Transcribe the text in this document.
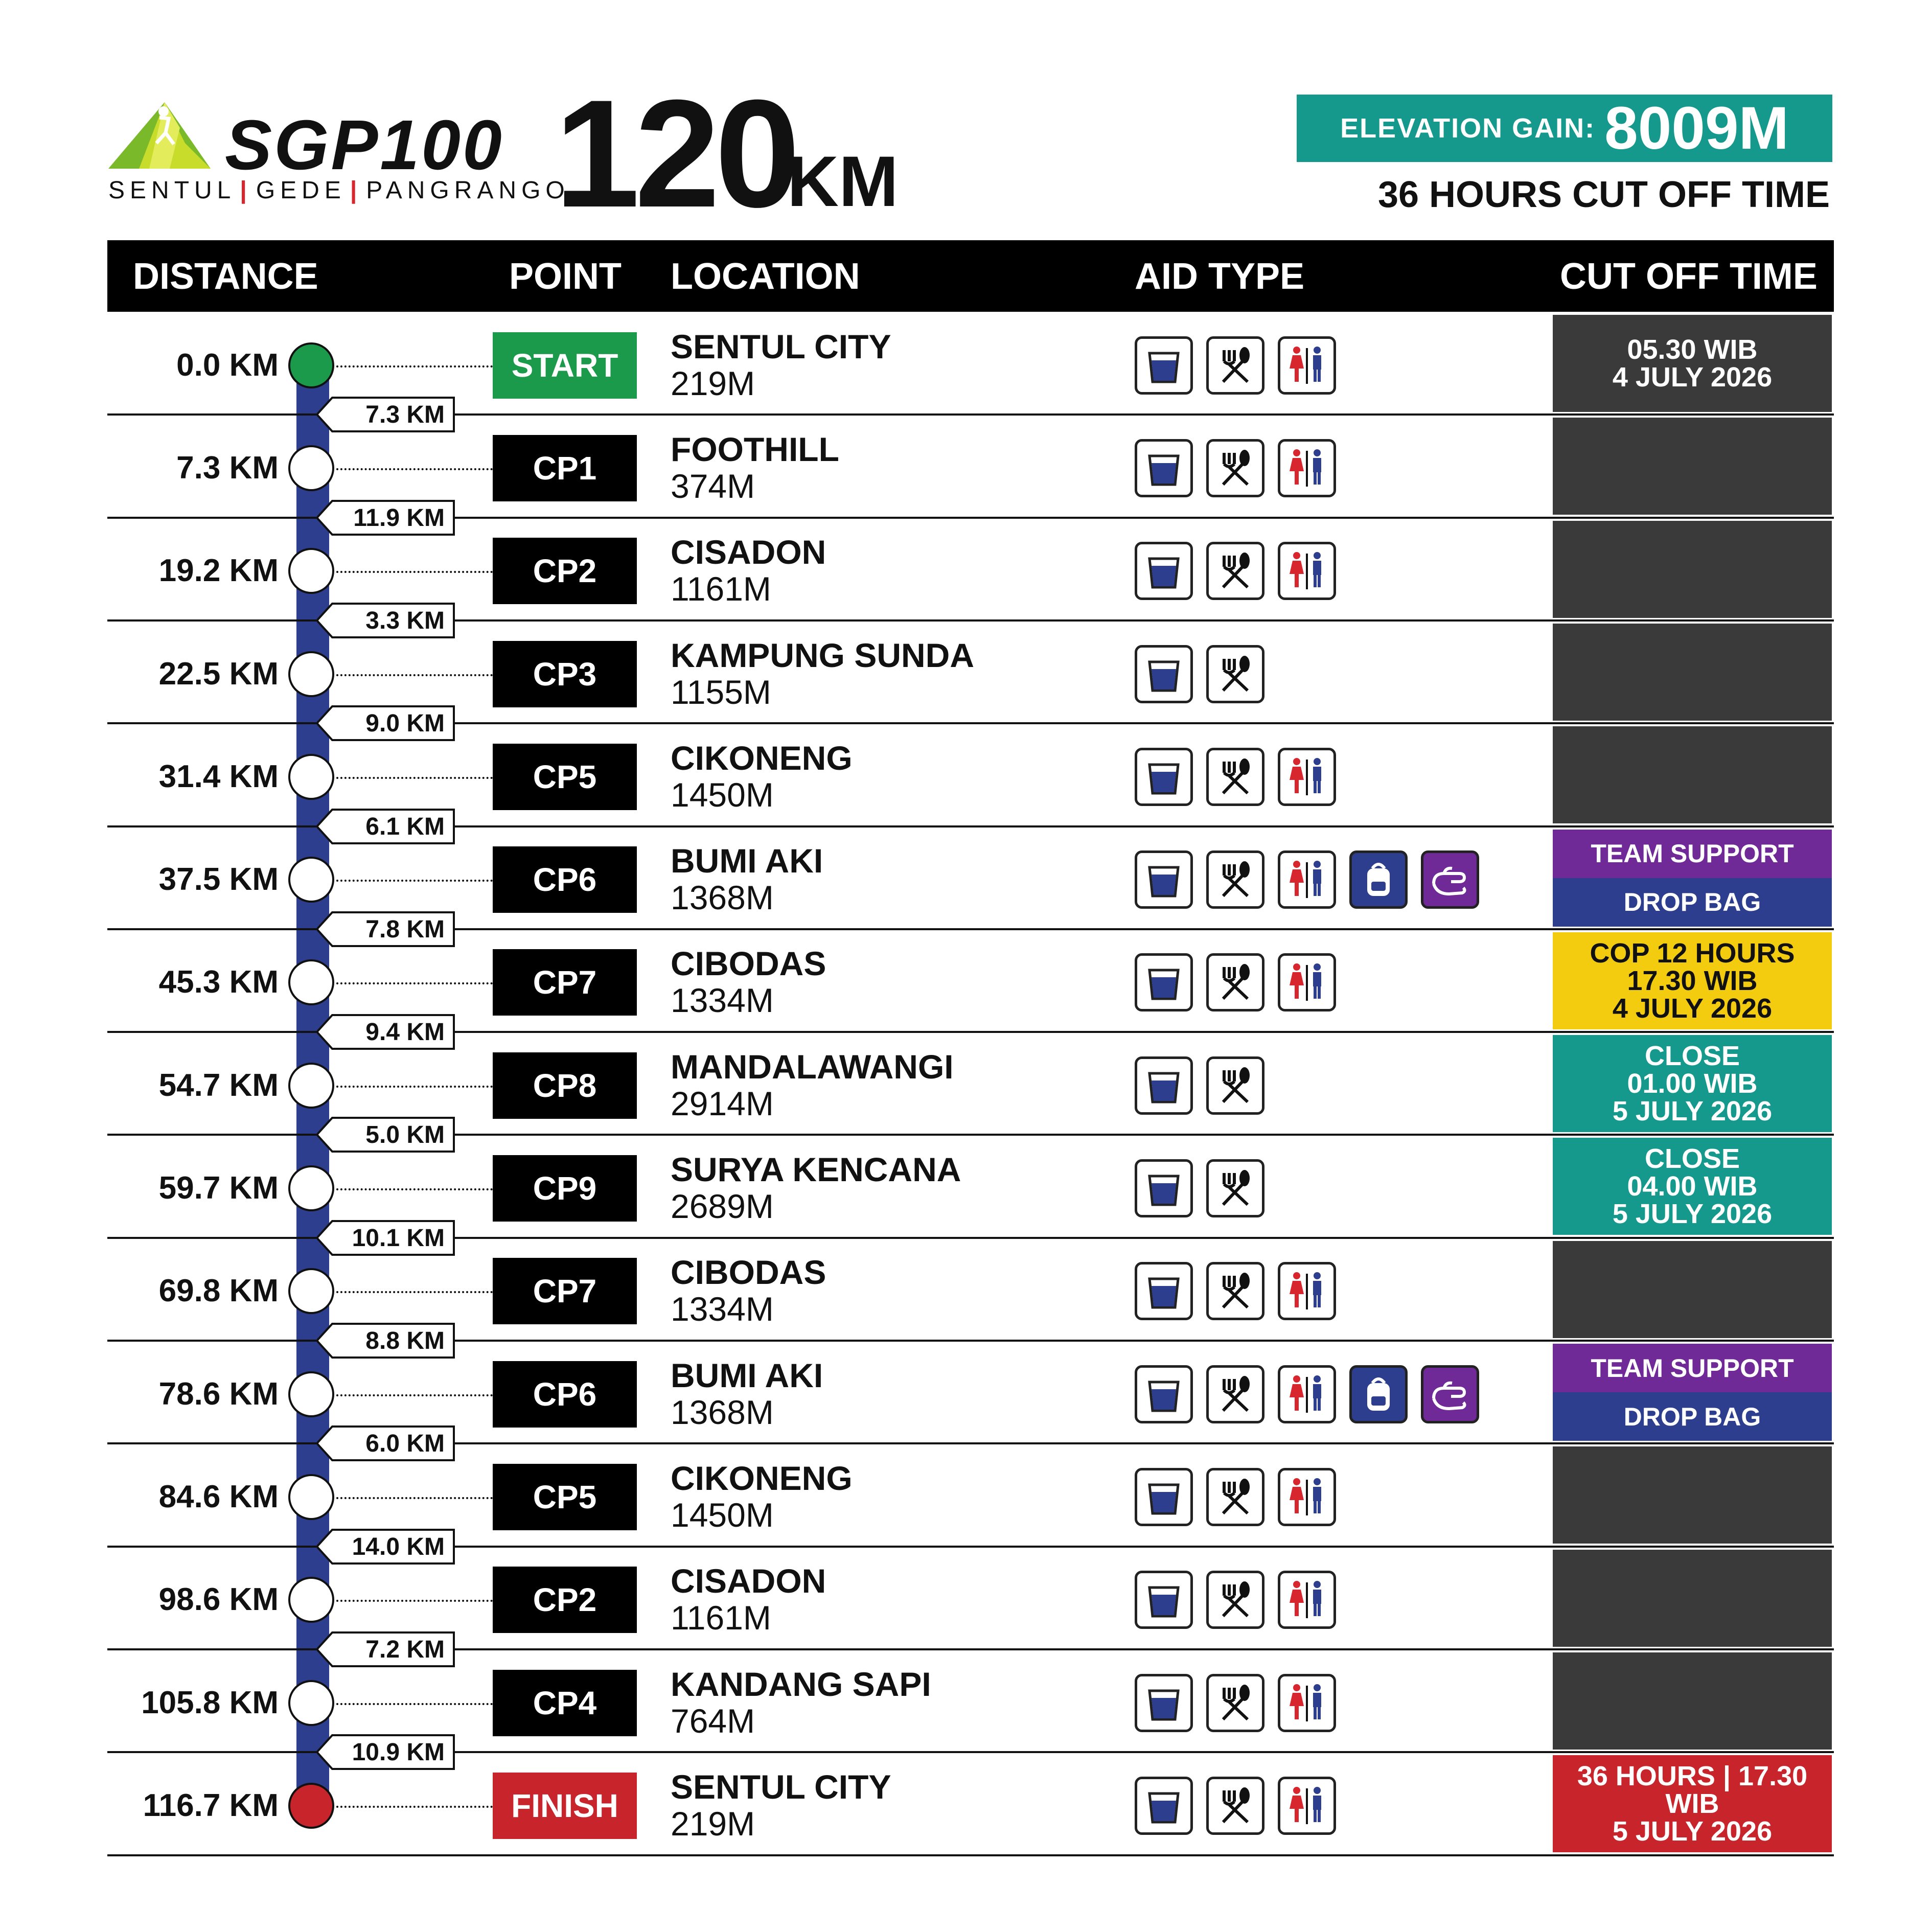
SGP100
SENTUL | GEDE | PANGRANGO
120
KM
ELEVATION GAIN: 8009M
36 HOURS CUT OFF TIME
DISTANCE	POINT LOCATION	AID TYPE	CUT OFF TIME
0.0 KM	START	SENTUL CITY
219M
05.30 WIB
4 JULY 2026
7.3 KM	CP1	FOOTHILL
374M
19.2 KM	CP2	CISADON
1161M
22.5 KM	CP3	KAMPUNG SUNDA
1155M
31.4 KM	CP5	CIKONENG
1450M
37.5 KM	CP6	BUMI AKI
1368M
TEAM SUPPORT
DROP BAG
45.3 KM	CP7	CIBODAS
1334M
COP 12 HOURS
17.30 WIB
4 JULY 2026
54.7 KM	CP8	MANDALAWANGI
2914M
CLOSE
01.00 WIB
5 JULY 2026
59.7 KM	CP9	SURYA KENCANA
2689M
CLOSE
04.00 WIB
5 JULY 2026
69.8 KM	CP7	CIBODAS
1334M
78.6 KM	CP6	BUMI AKI
1368M
TEAM SUPPORT
DROP BAG
84.6 KM	CP5	CIKONENG
1450M
98.6 KM	CP2	CISADON
1161M
105.8 KM	CP4	KANDANG SAPI
764M
116.7 KM	FINISH	SENTUL CITY
219M
36 HOURS | 17.30 WIB
5 JULY 2026
7.3 KM
11.9 KM
3.3 KM
9.0 KM
6.1 KM
7.8 KM
9.4 KM
5.0 KM
10.1 KM
8.8 KM
6.0 KM
14.0 KM
7.2 KM
10.9 KM
